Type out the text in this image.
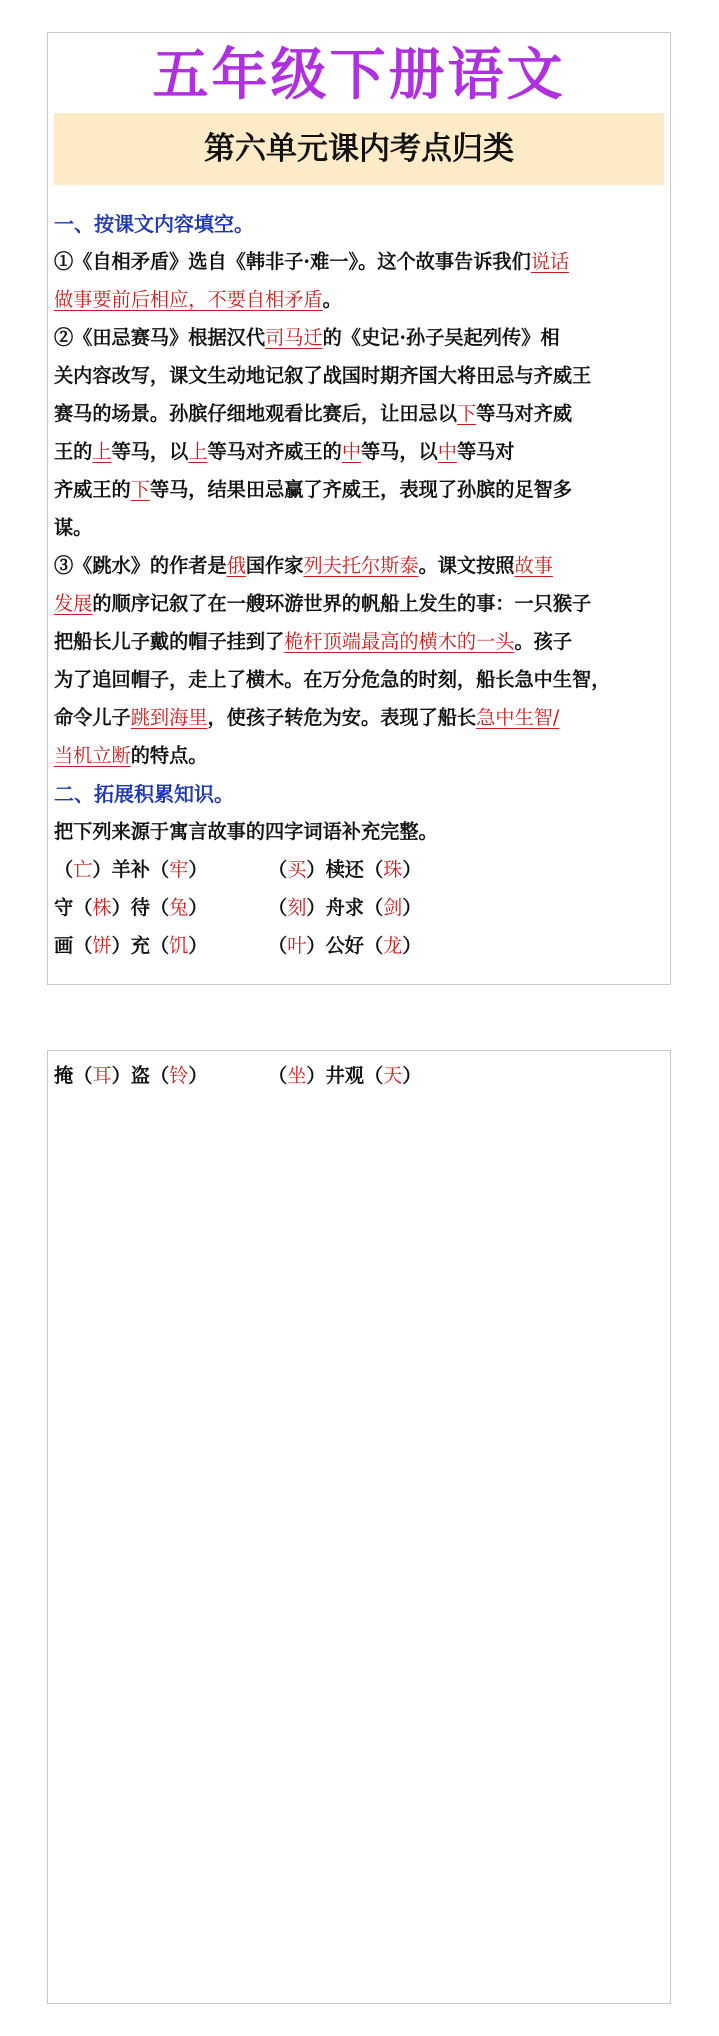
五年级下册语文
第六单元课内考点归类
一、按课文内容填空。
①《自相矛盾》选自《韩非子·难一》。这个故事告诉我们说话
做事要前后相应，不要自相矛盾。
②《田忌赛马》根据汉代司马迁的《史记·孙子吴起列传》相
关内容改写，课文生动地记叙了战国时期齐国大将田忌与齐威王
赛马的场景。孙膑仔细地观看比赛后，让田忌以下等马对齐威
王的上等马，以上等马对齐威王的中等马，以中等马对
齐威王的下等马，结果田忌赢了齐威王，表现了孙膑的足智多
谋。
③《跳水》的作者是俄国作家列夫托尔斯泰。课文按照故事
发展的顺序记叙了在一艘环游世界的帆船上发生的事：一只猴子
把船长儿子戴的帽子挂到了桅杆顶端最高的横木的一头。孩子
为了追回帽子，走上了横木。在万分危急的时刻，船长急中生智，
命令儿子跳到海里，使孩子转危为安。表现了船长急中生智/
当机立断的特点。
二、拓展积累知识。
把下列来源于寓言故事的四字词语补充完整。
（亡）羊补（牢）	（买）椟还（珠）
守（株）待（兔）	（刻）舟求（剑）
画（饼）充（饥）	（叶）公好（龙）
掩（耳）盗（铃）	（坐）井观（天）
